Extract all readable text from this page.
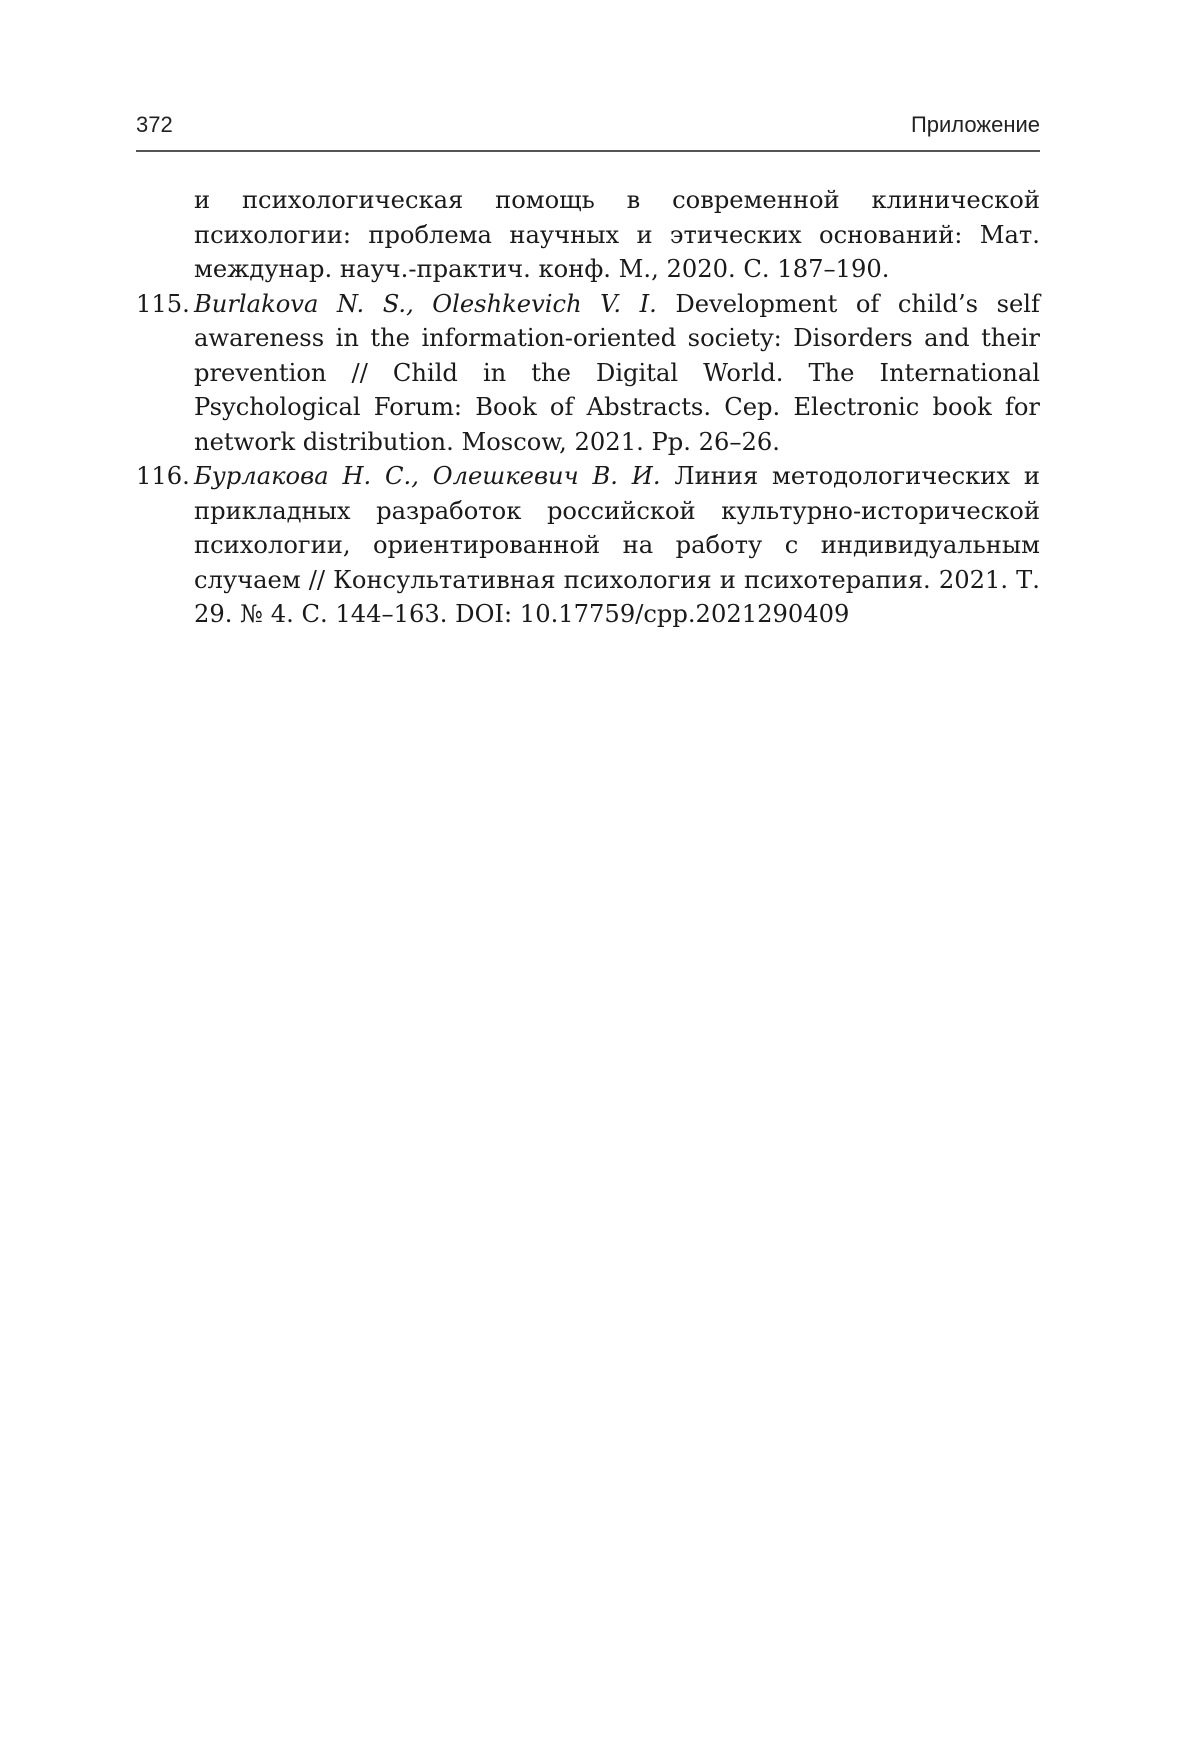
372	Приложение
и психологическая помощь в современной клинической психологии: проблема научных и этических оснований: Мат. междунар. науч.-практич. конф. М., 2020. С. 187–190.
115. Burlakova N. S., Oleshkevich V. I. Development of child’s self awareness in the information-oriented society: Disorders and their prevention // Child in the Digital World. The International Psychological Forum: Book of Abstracts. Сер. Electronic book for network distribution. Moscow, 2021. Pp. 26–26.
116. Бурлакова Н. С., Олешкевич В. И. Линия методологических и прикладных разработок российской культурно-исторической психологии, ориентированной на работу с индивидуальным случаем // Консультативная психология и психотерапия. 2021. Т. 29. № 4. С. 144–163. DOI: 10.17759/cpp.2021290409
